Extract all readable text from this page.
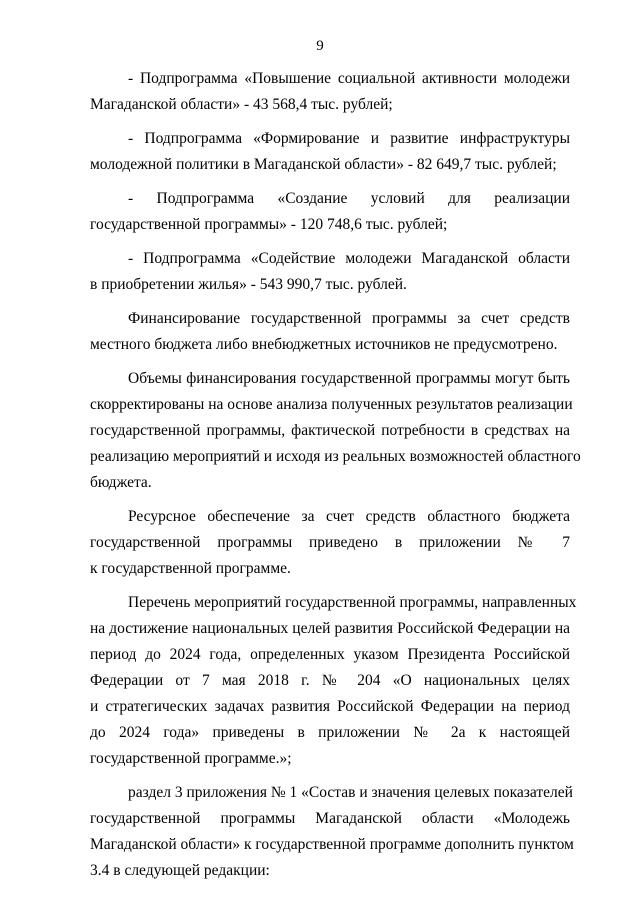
9
- Подпрограмма «Повышение социальной активности молодежи
Магаданской области» - 43 568,4 тыс. рублей;
- Подпрограмма «Формирование и развитие инфраструктуры
молодежной политики в Магаданской области» - 82 649,7 тыс. рублей;
- Подпрограмма «Создание условий для реализации
государственной программы» - 120 748,6 тыс. рублей;
- Подпрограмма «Содействие молодежи Магаданской области
в приобретении жилья» - 543 990,7 тыс. рублей.
Финансирование государственной программы за счет средств
местного бюджета либо внебюджетных источников не предусмотрено.
Объемы финансирования государственной программы могут быть
скорректированы на основе анализа полученных результатов реализации
государственной программы, фактической потребности в средствах на
реализацию мероприятий и исходя из реальных возможностей областного
бюджета.
Ресурсное обеспечение за счет средств областного бюджета
государственной программы приведено в приложении № 7
к государственной программе.
Перечень мероприятий государственной программы, направленных
на достижение национальных целей развития Российской Федерации на
период до 2024 года, определенных указом Президента Российской
Федерации от 7 мая 2018 г. № 204 «О национальных целях
и стратегических задачах развития Российской Федерации на период
до 2024 года» приведены в приложении № 2а к настоящей
государственной программе.»;
раздел 3 приложения № 1 «Состав и значения целевых показателей
государственной программы Магаданской области «Молодежь
Магаданской области» к государственной программе дополнить пунктом
3.4 в следующей редакции:
